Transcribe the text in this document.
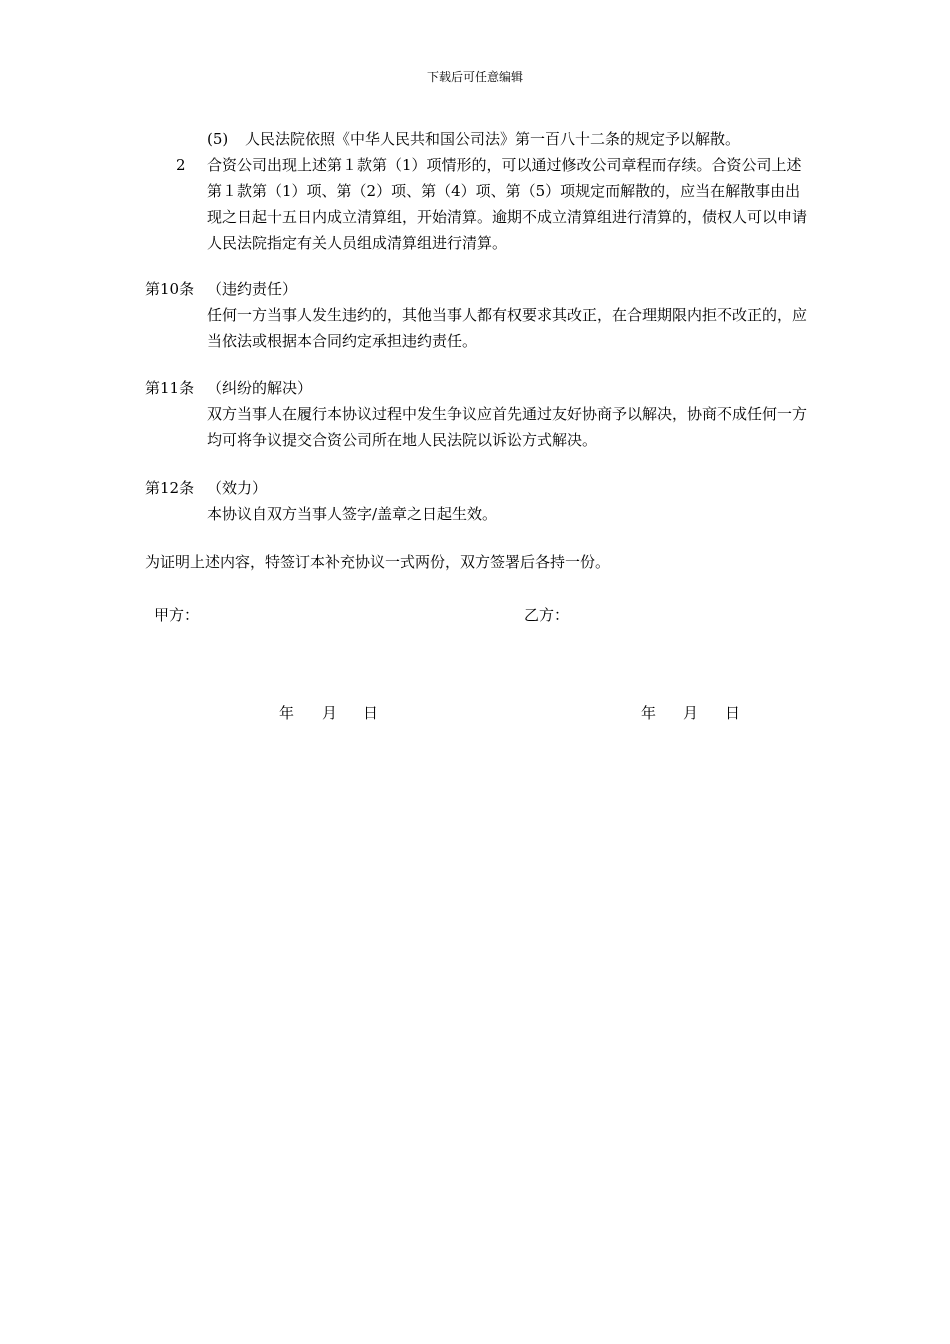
下载后可任意编辑
(5) 人民法院依照《中华人民共和国公司法》第一百八十二条的规定予以解散。
2 合资公司出现上述第１款第（1）项情形的，可以通过修改公司章程而存续。合资公司上述第１款第（1）项、第（2）项、第（4）项、第（5）项规定而解散的，应当在解散事由出现之日起十五日内成立清算组，开始清算。逾期不成立清算组进行清算的，债权人可以申请人民法院指定有关人员组成清算组进行清算。
第10条 （违约责任）
任何一方当事人发生违约的，其他当事人都有权要求其改正，在合理期限内拒不改正的，应当依法或根据本合同约定承担违约责任。
第11条 （纠纷的解决）
双方当事人在履行本协议过程中发生争议应首先通过友好协商予以解决，协商不成任何一方均可将争议提交合资公司所在地人民法院以诉讼方式解决。
第12条 （效力）
本协议自双方当事人签字/盖章之日起生效。
为证明上述内容，特签订本补充协议一式两份，双方签署后各持一份。
甲方：	乙方：
年 月 日	年 月 日
